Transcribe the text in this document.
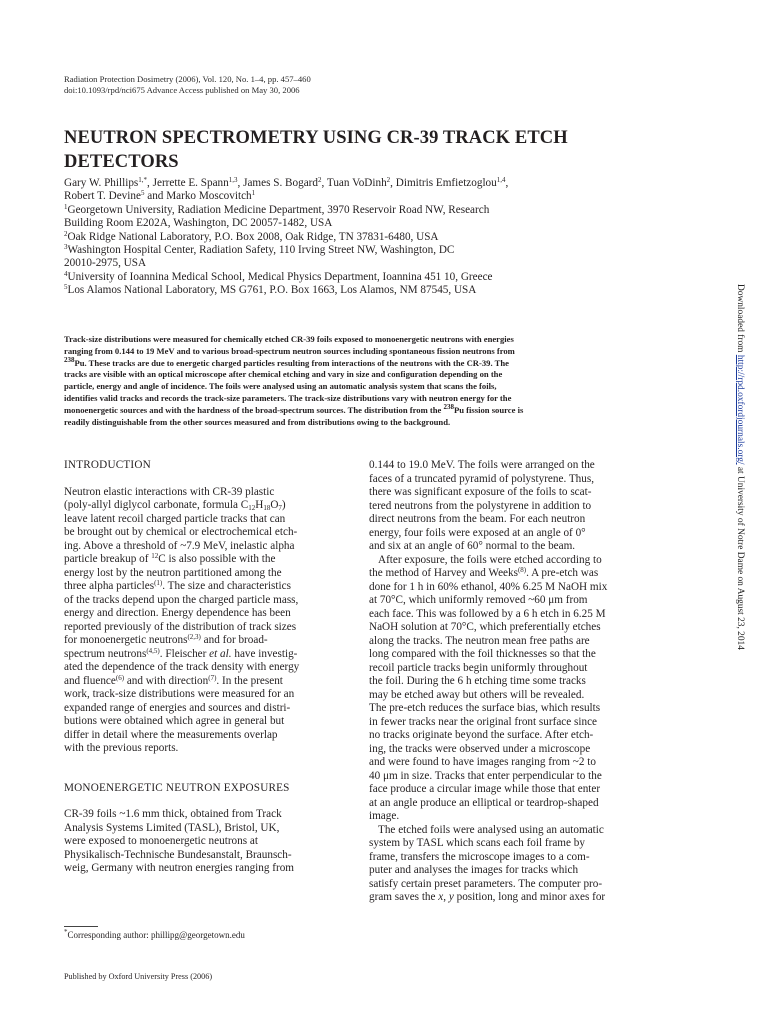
Radiation Protection Dosimetry (2006), Vol. 120, No. 1–4, pp. 457–460
doi:10.1093/rpd/nci675 Advance Access published on May 30, 2006
NEUTRON SPECTROMETRY USING CR-39 TRACK ETCH
DETECTORS
Gary W. Phillips$^{1,*}$, Jerrette E. Spann$^{1,3}$, James S. Bogard$^2$, Tuan VoDinh$^2$, Dimitris Emfietzoglou$^{1,4}$,
Robert T. Devine$^5$ and Marko Moscovitch$^1$
$^1$Georgetown University, Radiation Medicine Department, 3970 Reservoir Road NW, Research
Building Room E202A, Washington, DC 20057-1482, USA
$^2$Oak Ridge National Laboratory, P.O. Box 2008, Oak Ridge, TN 37831-6480, USA
$^3$Washington Hospital Center, Radiation Safety, 110 Irving Street NW, Washington, DC
20010-2975, USA
$^4$University of Ioannina Medical School, Medical Physics Department, Ioannina 451 10, Greece
$^5$Los Alamos National Laboratory, MS G761, P.O. Box 1663, Los Alamos, NM 87545, USA
Track-size distributions were measured for chemically etched CR-39 foils exposed to monoenergetic neutrons with energies
ranging from 0.144 to 19 MeV and to various broad-spectrum neutron sources including spontaneous fission neutrons from
$^{238}$Pu. These tracks are due to energetic charged particles resulting from interactions of the neutrons with the CR-39. The
tracks are visible with an optical microscope after chemical etching and vary in size and configuration depending on the
particle, energy and angle of incidence. The foils were analysed using an automatic analysis system that scans the foils,
identifies valid tracks and records the track-size parameters. The track-size distributions vary with neutron energy for the
monoenergetic sources and with the hardness of the broad-spectrum sources. The distribution from the $^{238}$Pu fission source is
readily distinguishable from the other sources measured and from distributions owing to the background.
INTRODUCTION
Neutron elastic interactions with CR-39 plastic
(poly-allyl diglycol carbonate, formula $C_{12}H_{18}O_7$)
leave latent recoil charged particle tracks that can
be brought out by chemical or electrochemical etch-
ing. Above a threshold of ~7.9 MeV, inelastic alpha
particle breakup of $^{12}$C is also possible with the
energy lost by the neutron partitioned among the
three alpha particles$^{(1)}$. The size and characteristics
of the tracks depend upon the charged particle mass,
energy and direction. Energy dependence has been
reported previously of the distribution of track sizes
for monoenergetic neutrons$^{(2,3)}$ and for broad-
spectrum neutrons$^{(4,5)}$. Fleischer et al. have investig-
ated the dependence of the track density with energy
and fluence$^{(6)}$ and with direction$^{(7)}$. In the present
work, track-size distributions were measured for an
expanded range of energies and sources and distri-
butions were obtained which agree in general but
differ in detail where the measurements overlap
with the previous reports.
MONOENERGETIC NEUTRON EXPOSURES
CR-39 foils ~1.6 mm thick, obtained from Track
Analysis Systems Limited (TASL), Bristol, UK,
were exposed to monoenergetic neutrons at
Physikalisch-Technische Bundesanstalt, Braunsch-
weig, Germany with neutron energies ranging from
0.144 to 19.0 MeV. The foils were arranged on the
faces of a truncated pyramid of polystyrene. Thus,
there was significant exposure of the foils to scat-
tered neutrons from the polystyrene in addition to
direct neutrons from the beam. For each neutron
energy, four foils were exposed at an angle of 0°
and six at an angle of 60° normal to the beam.
After exposure, the foils were etched according to
the method of Harvey and Weeks$^{(8)}$. A pre-etch was
done for 1 h in 60% ethanol, 40% 6.25 M NaOH mix
at 70°C, which uniformly removed ~60 μm from
each face. This was followed by a 6 h etch in 6.25 M
NaOH solution at 70°C, which preferentially etches
along the tracks. The neutron mean free paths are
long compared with the foil thicknesses so that the
recoil particle tracks begin uniformly throughout
the foil. During the 6 h etching time some tracks
may be etched away but others will be revealed.
The pre-etch reduces the surface bias, which results
in fewer tracks near the original front surface since
no tracks originate beyond the surface. After etch-
ing, the tracks were observed under a microscope
and were found to have images ranging from ~2 to
40 μm in size. Tracks that enter perpendicular to the
face produce a circular image while those that enter
at an angle produce an elliptical or teardrop-shaped
image.
The etched foils were analysed using an automatic
system by TASL which scans each foil frame by
frame, transfers the microscope images to a com-
puter and analyses the images for tracks which
satisfy certain preset parameters. The computer pro-
gram saves the x, y position, long and minor axes for
*Corresponding author: phillipg@georgetown.edu
Published by Oxford University Press (2006)
Downloaded from http://rpd.oxfordjournals.org/ at University of Notre Dame on August 23, 2014
